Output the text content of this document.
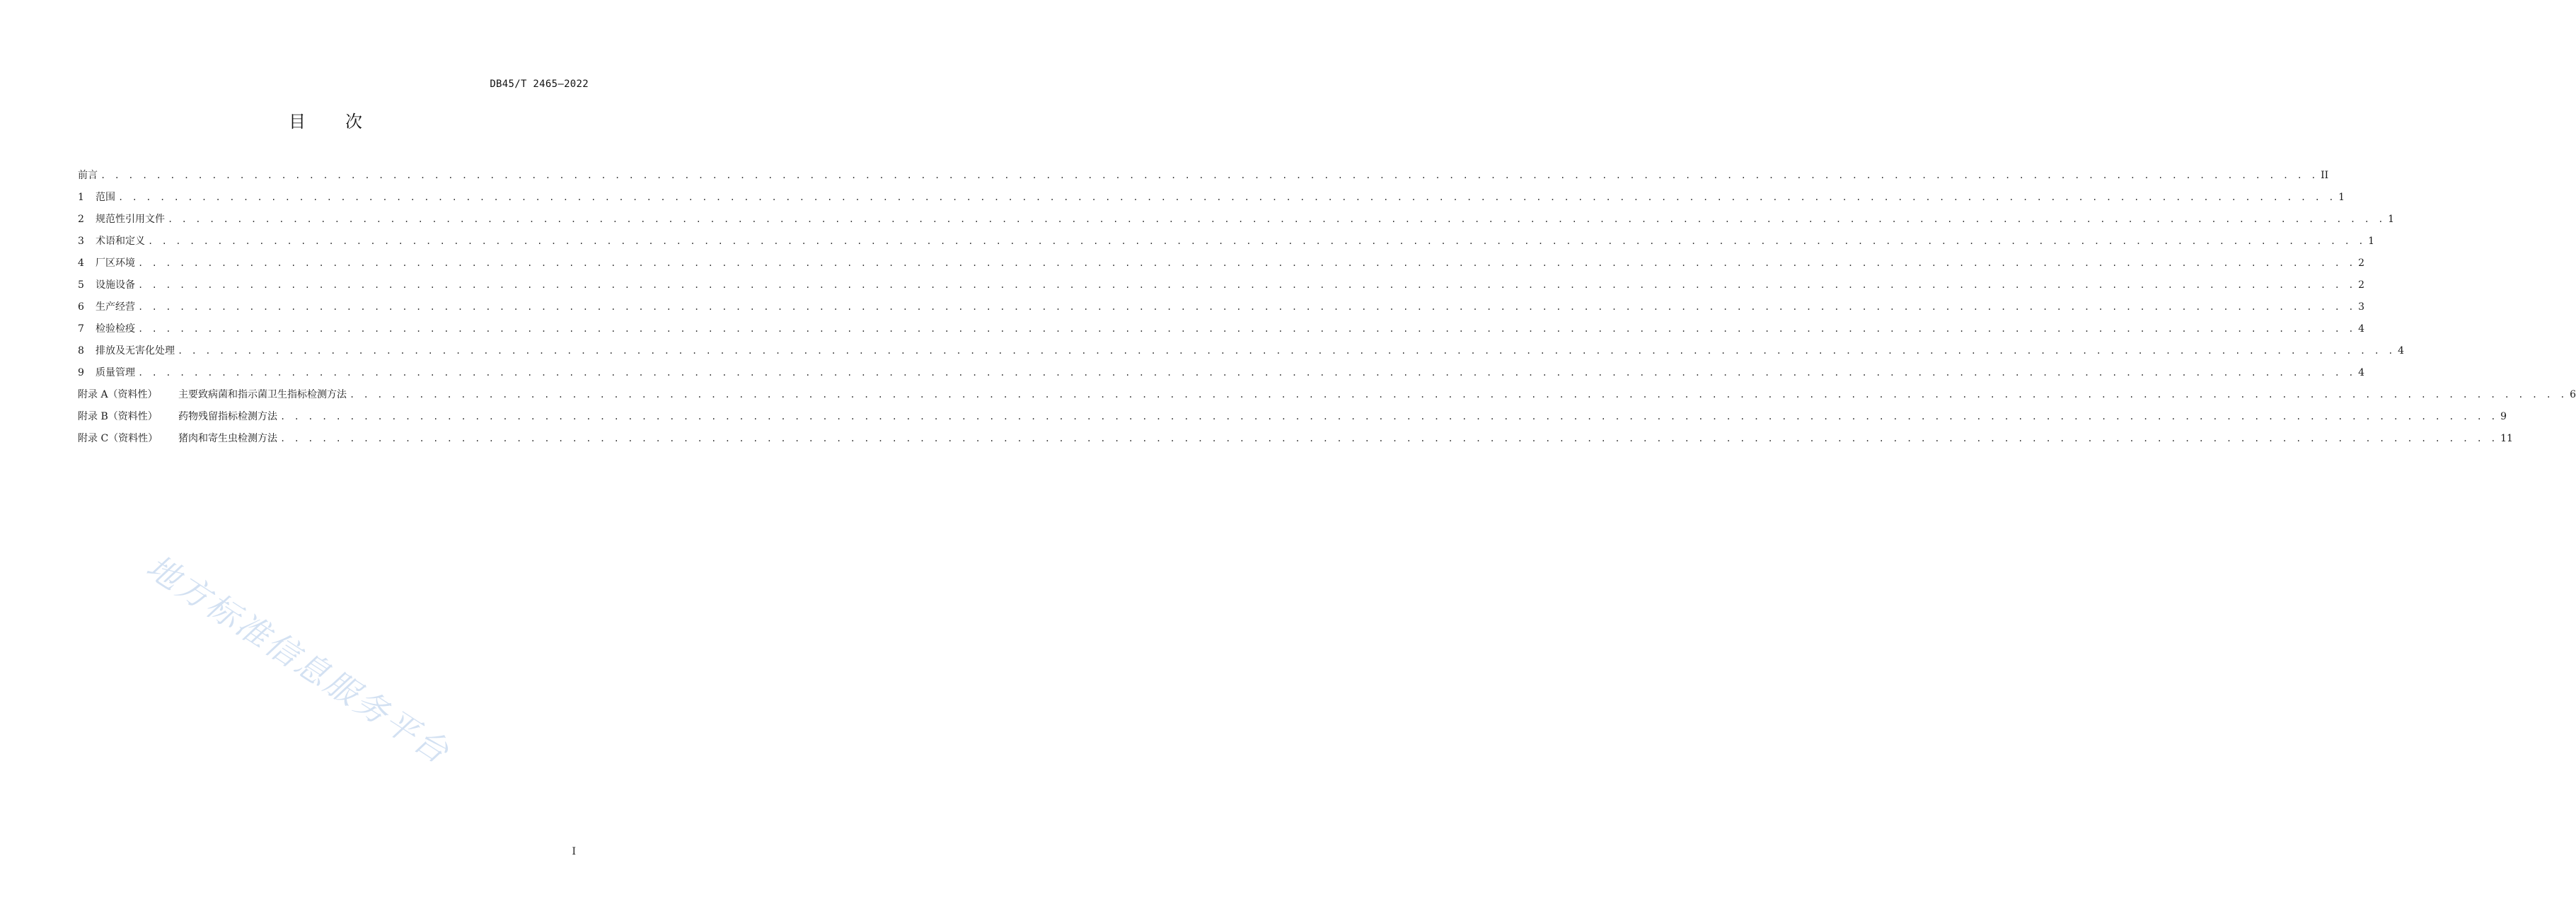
DB45/T 2465—2022
目 次
前言 . . . . . . . . . . . . . . . . . . . . . . . . . . . . . . . . . . . . . . . . . . . . . . . . . . . . . . . . . . . . . . . . . . . . . . . . . . . . . . . . . . . . . . . . . . . . . . . . . . . . . . . . . . . . . . . . . . . . . . . . . . . . . . . . . . . . . . . . . . . . . . . . . . . . . . . . . . . . . . . . II
1	范围 . . . . . . . . . . . . . . . . . . . . . . . . . . . . . . . . . . . . . . . . . . . . . . . . . . . . . . . . . . . . . . . . . . . . . . . . . . . . . . . . . . . . . . . . . . . . . . . . . . . . . . . . . . . . . . . . . . . . . . . . . . . . . . . . . . . . . . . . . . . . . . . . . . . . . . . . . . . . . . . . 1
2	规范性引用文件 . . . . . . . . . . . . . . . . . . . . . . . . . . . . . . . . . . . . . . . . . . . . . . . . . . . . . . . . . . . . . . . . . . . . . . . . . . . . . . . . . . . . . . . . . . . . . . . . . . . . . . . . . . . . . . . . . . . . . . . . . . . . . . . . . . . . . . . . . . . . . . . . . . . . . . . . . . . . . . . . 1
3	术语和定义 . . . . . . . . . . . . . . . . . . . . . . . . . . . . . . . . . . . . . . . . . . . . . . . . . . . . . . . . . . . . . . . . . . . . . . . . . . . . . . . . . . . . . . . . . . . . . . . . . . . . . . . . . . . . . . . . . . . . . . . . . . . . . . . . . . . . . . . . . . . . . . . . . . . . . . . . . . . . . . . . 1
4	厂区环境 . . . . . . . . . . . . . . . . . . . . . . . . . . . . . . . . . . . . . . . . . . . . . . . . . . . . . . . . . . . . . . . . . . . . . . . . . . . . . . . . . . . . . . . . . . . . . . . . . . . . . . . . . . . . . . . . . . . . . . . . . . . . . . . . . . . . . . . . . . . . . . . . . . . . . . . . . . . . . . . . 2
5	设施设备 . . . . . . . . . . . . . . . . . . . . . . . . . . . . . . . . . . . . . . . . . . . . . . . . . . . . . . . . . . . . . . . . . . . . . . . . . . . . . . . . . . . . . . . . . . . . . . . . . . . . . . . . . . . . . . . . . . . . . . . . . . . . . . . . . . . . . . . . . . . . . . . . . . . . . . . . . . . . . . . . 2
6	生产经营 . . . . . . . . . . . . . . . . . . . . . . . . . . . . . . . . . . . . . . . . . . . . . . . . . . . . . . . . . . . . . . . . . . . . . . . . . . . . . . . . . . . . . . . . . . . . . . . . . . . . . . . . . . . . . . . . . . . . . . . . . . . . . . . . . . . . . . . . . . . . . . . . . . . . . . . . . . . . . . . . 3
7	检验检疫 . . . . . . . . . . . . . . . . . . . . . . . . . . . . . . . . . . . . . . . . . . . . . . . . . . . . . . . . . . . . . . . . . . . . . . . . . . . . . . . . . . . . . . . . . . . . . . . . . . . . . . . . . . . . . . . . . . . . . . . . . . . . . . . . . . . . . . . . . . . . . . . . . . . . . . . . . . . . . . . . 4
8	排放及无害化处理 . . . . . . . . . . . . . . . . . . . . . . . . . . . . . . . . . . . . . . . . . . . . . . . . . . . . . . . . . . . . . . . . . . . . . . . . . . . . . . . . . . . . . . . . . . . . . . . . . . . . . . . . . . . . . . . . . . . . . . . . . . . . . . . . . . . . . . . . . . . . . . . . . . . . . . . . . . . . . . . . 4
9	质量管理 . . . . . . . . . . . . . . . . . . . . . . . . . . . . . . . . . . . . . . . . . . . . . . . . . . . . . . . . . . . . . . . . . . . . . . . . . . . . . . . . . . . . . . . . . . . . . . . . . . . . . . . . . . . . . . . . . . . . . . . . . . . . . . . . . . . . . . . . . . . . . . . . . . . . . . . . . . . . . . . . 4
附录 A（资料性）	主要致病菌和指示菌卫生指标检测方法 . . . . . . . . . . . . . . . . . . . . . . . . . . . . . . . . . . . . . . . . . . . . . . . . . . . . . . . . . . . . . . . . . . . . . . . . . . . . . . . . . . . . . . . . . . . . . . . . . . . . . . . . . . . . . . . . . . . . . . . . . . . . . . . . . . . . . . . . . . . . . . . . . . . . . . . . . . . . . . . . 6
附录 B（资料性）	药物残留指标检测方法 . . . . . . . . . . . . . . . . . . . . . . . . . . . . . . . . . . . . . . . . . . . . . . . . . . . . . . . . . . . . . . . . . . . . . . . . . . . . . . . . . . . . . . . . . . . . . . . . . . . . . . . . . . . . . . . . . . . . . . . . . . . . . . . . . . . . . . . . . . . . . . . . . . . . . . . . . . . . . . . . 9
附录 C（资料性）	猪肉和寄生虫检测方法 . . . . . . . . . . . . . . . . . . . . . . . . . . . . . . . . . . . . . . . . . . . . . . . . . . . . . . . . . . . . . . . . . . . . . . . . . . . . . . . . . . . . . . . . . . . . . . . . . . . . . . . . . . . . . . . . . . . . . . . . . . . . . . . . . . . . . . . . . . . . . . . . . . . . . . . . . . . . . . . . 11
地方标准信息服务平台
I
